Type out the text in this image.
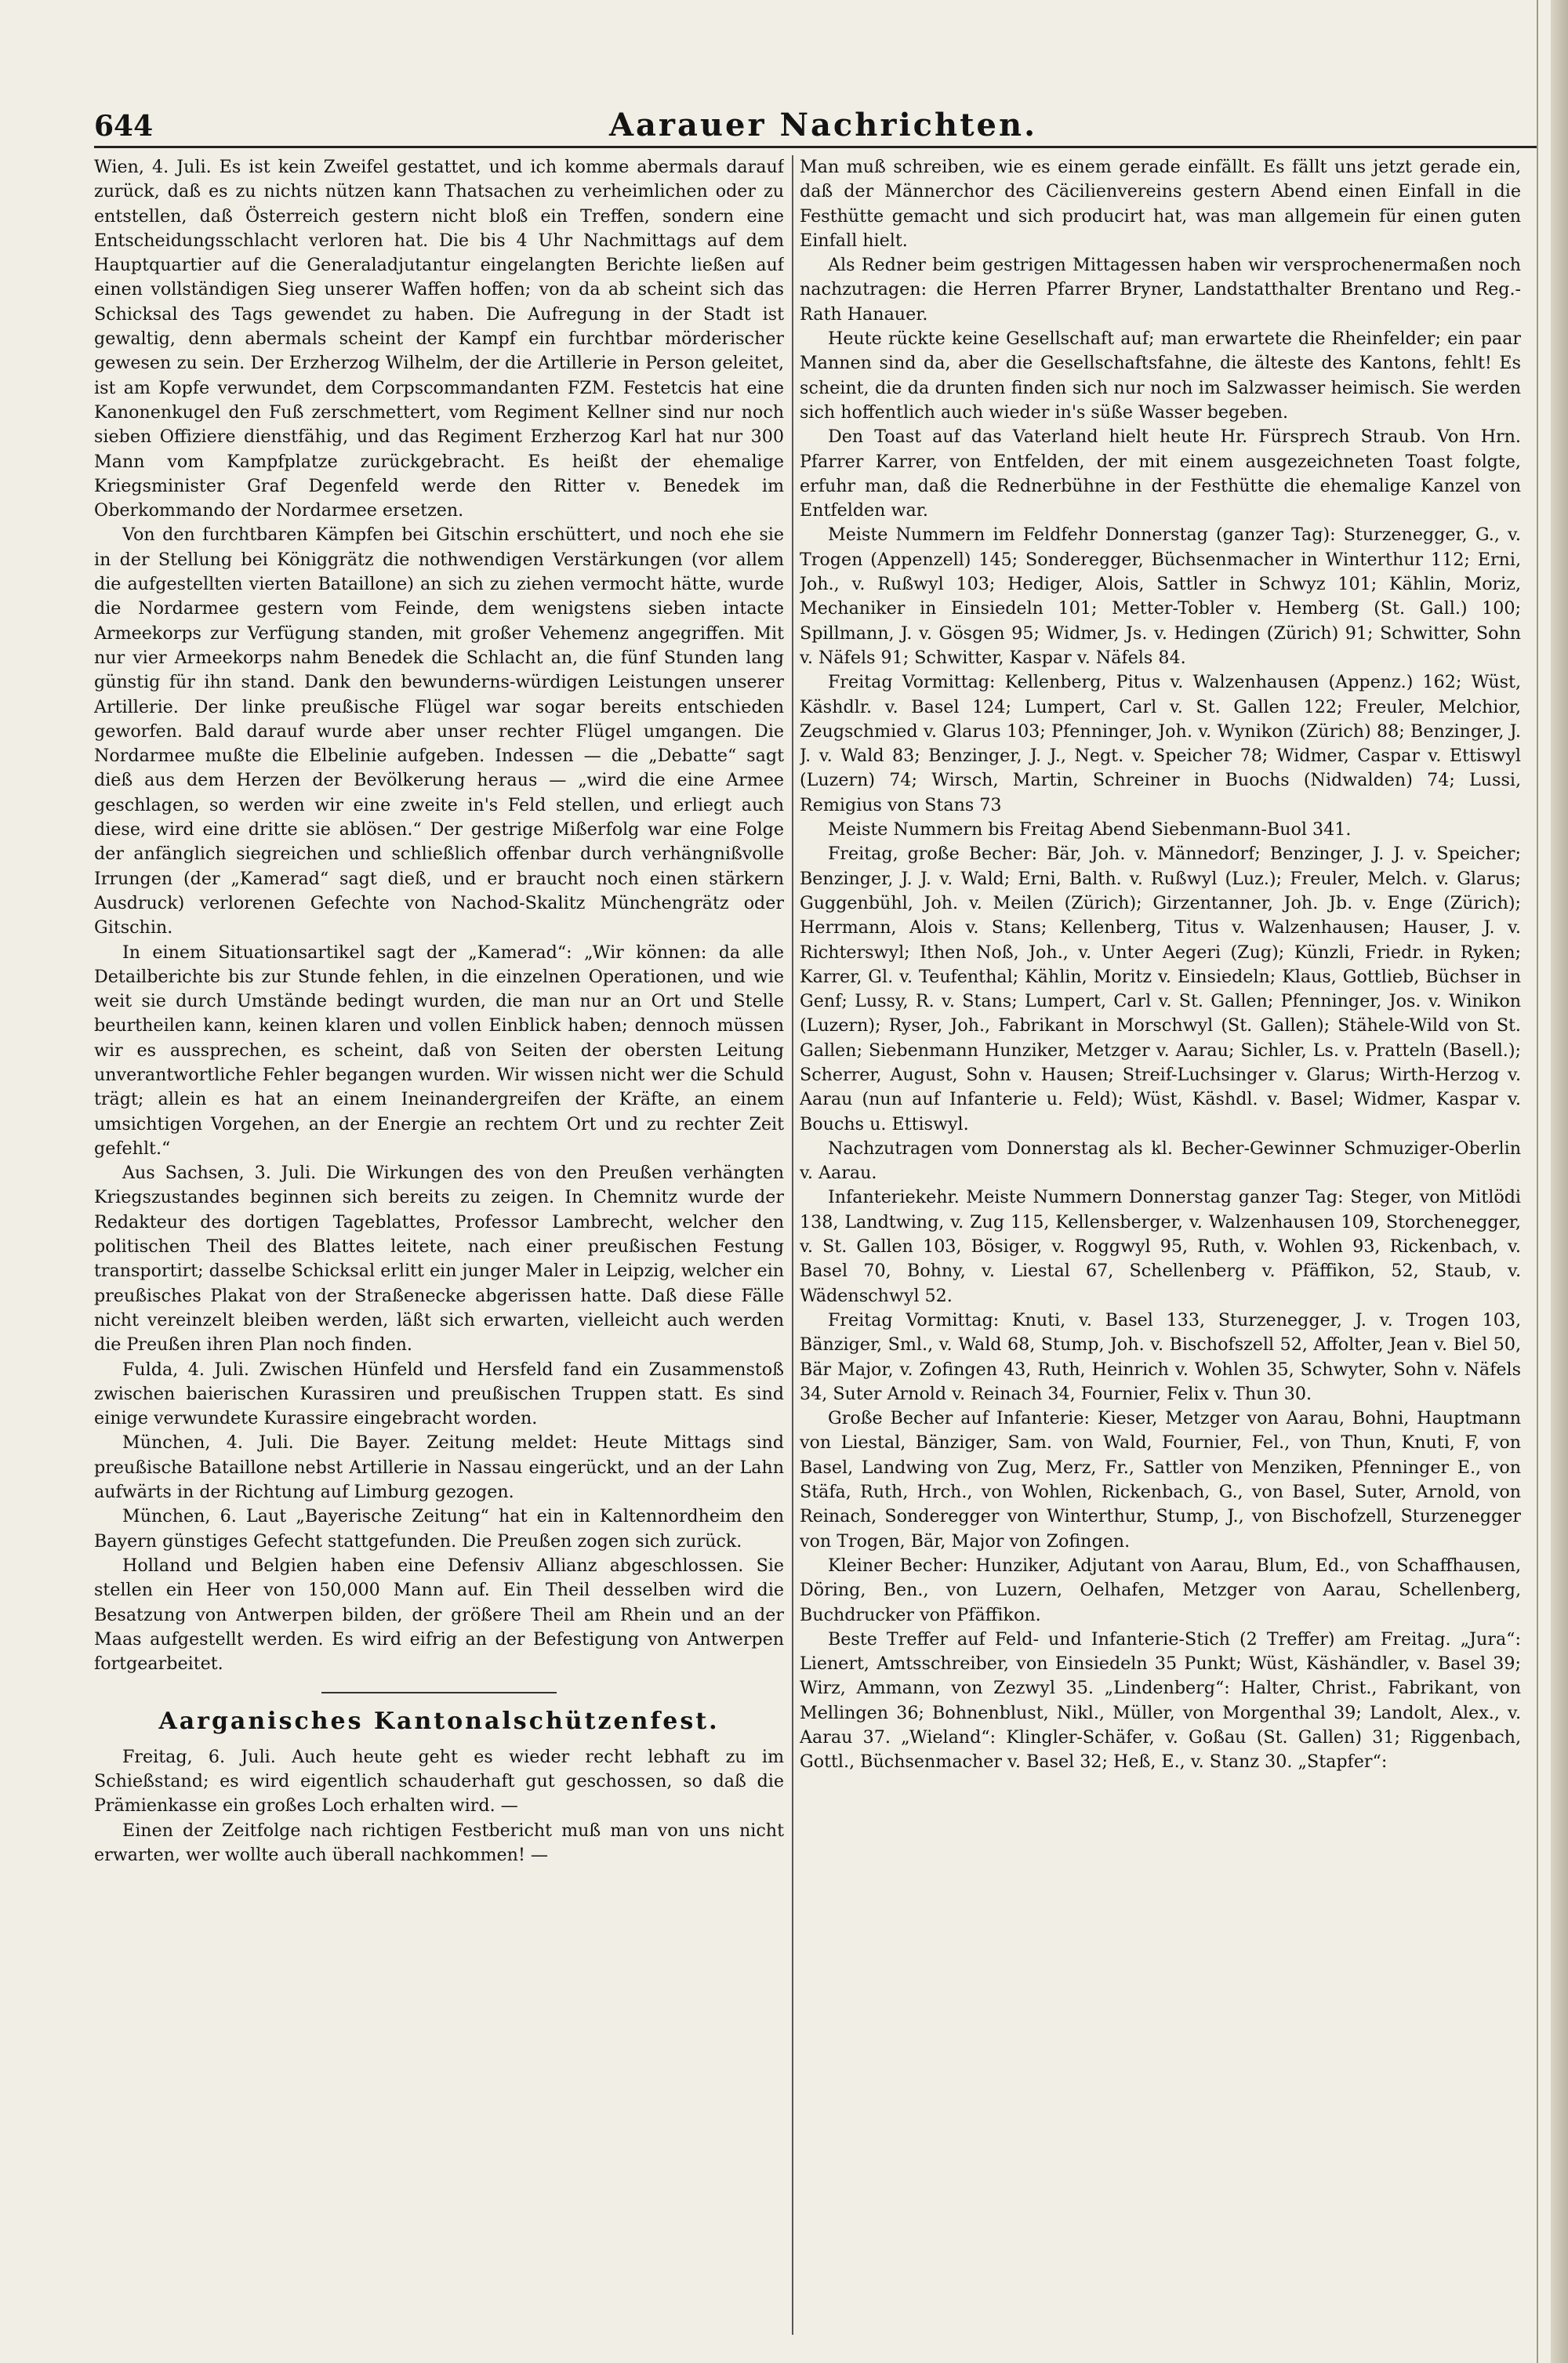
644	Aarauer Nachrichten.

Wien, 4. Juli. Es ist kein Zweifel gestattet, und ich komme abermals darauf zurück, daß es zu nichts nützen kann Thatsachen zu verheimlichen oder zu entstellen, daß Österreich gestern nicht bloß ein Treffen, sondern eine Entscheidungsschlacht verloren hat. Die bis 4 Uhr Nachmittags auf dem Hauptquartier auf die Generaladjutantur eingelangten Berichte ließen auf einen vollständigen Sieg unserer Waffen hoffen; von da ab scheint sich das Schicksal des Tags gewendet zu haben. Die Aufregung in der Stadt ist gewaltig, denn abermals scheint der Kampf ein furchtbar mörderischer gewesen zu sein. Der Erzherzog Wilhelm, der die Artillerie in Person geleitet, ist am Kopfe verwundet, dem Corpscommandanten FZM. Festetcis hat eine Kanonenkugel den Fuß zerschmettert, vom Regiment Kellner sind nur noch sieben Offiziere dienstfähig, und das Regiment Erzherzog Karl hat nur 300 Mann vom Kampfplatze zurückgebracht. Es heißt der ehemalige Kriegsminister Graf Degenfeld werde den Ritter v. Benedek im Oberkommando der Nordarmee ersetzen.

Von den furchtbaren Kämpfen bei Gitschin erschüttert, und noch ehe sie in der Stellung bei Königgrätz die nothwendigen Verstärkungen (vor allem die aufgestellten vierten Bataillone) an sich zu ziehen vermocht hätte, wurde die Nordarmee gestern vom Feinde, dem wenigstens sieben intacte Armeekorps zur Verfügung standen, mit großer Vehemenz angegriffen. Mit nur vier Armeekorps nahm Benedek die Schlacht an, die fünf Stunden lang günstig für ihn stand. Dank den bewunderns-würdigen Leistungen unserer Artillerie. Der linke preußische Flügel war sogar bereits entschieden geworfen. Bald darauf wurde aber unser rechter Flügel umgangen. Die Nordarmee mußte die Elbelinie aufgeben. Indessen — die „Debatte“ sagt dieß aus dem Herzen der Bevölkerung heraus — „wird die eine Armee geschlagen, so werden wir eine zweite in's Feld stellen, und erliegt auch diese, wird eine dritte sie ablösen.“ Der gestrige Mißerfolg war eine Folge der anfänglich siegreichen und schließlich offenbar durch verhängnißvolle Irrungen (der „Kamerad“ sagt dieß, und er braucht noch einen stärkern Ausdruck) verlorenen Gefechte von Nachod-Skalitz Münchengrätz oder Gitschin.

In einem Situationsartikel sagt der „Kamerad“: „Wir können: da alle Detailberichte bis zur Stunde fehlen, in die einzelnen Operationen, und wie weit sie durch Umstände bedingt wurden, die man nur an Ort und Stelle beurtheilen kann, keinen klaren und vollen Einblick haben; dennoch müssen wir es aussprechen, es scheint, daß von Seiten der obersten Leitung unverantwortliche Fehler begangen wurden. Wir wissen nicht wer die Schuld trägt; allein es hat an einem Ineinandergreifen der Kräfte, an einem umsichtigen Vorgehen, an der Energie an rechtem Ort und zu rechter Zeit gefehlt.“

Aus Sachsen, 3. Juli. Die Wirkungen des von den Preußen verhängten Kriegszustandes beginnen sich bereits zu zeigen. In Chemnitz wurde der Redakteur des dortigen Tageblattes, Professor Lambrecht, welcher den politischen Theil des Blattes leitete, nach einer preußischen Festung transportirt; dasselbe Schicksal erlitt ein junger Maler in Leipzig, welcher ein preußisches Plakat von der Straßenecke abgerissen hatte. Daß diese Fälle nicht vereinzelt bleiben werden, läßt sich erwarten, vielleicht auch werden die Preußen ihren Plan noch finden.

Fulda, 4. Juli. Zwischen Hünfeld und Hersfeld fand ein Zusammenstoß zwischen baierischen Kurassiren und preußischen Truppen statt. Es sind einige verwundete Kurassire eingebracht worden.

München, 4. Juli. Die Bayer. Zeitung meldet: Heute Mittags sind preußische Bataillone nebst Artillerie in Nassau eingerückt, und an der Lahn aufwärts in der Richtung auf Limburg gezogen.

München, 6. Laut „Bayerische Zeitung“ hat ein in Kaltennordheim den Bayern günstiges Gefecht stattgefunden. Die Preußen zogen sich zurück.

Holland und Belgien haben eine Defensiv Allianz abgeschlossen. Sie stellen ein Heer von 150,000 Mann auf. Ein Theil desselben wird die Besatzung von Antwerpen bilden, der größere Theil am Rhein und an der Maas aufgestellt werden. Es wird eifrig an der Befestigung von Antwerpen fortgearbeitet.

Aarganisches Kantonalschützenfest.

Freitag, 6. Juli. Auch heute geht es wieder recht lebhaft zu im Schießstand; es wird eigentlich schauderhaft gut geschossen, so daß die Prämienkasse ein großes Loch erhalten wird. —

Einen der Zeitfolge nach richtigen Festbericht muß man von uns nicht erwarten, wer wollte auch überall nachkommen! —

Man muß schreiben, wie es einem gerade einfällt. Es fällt uns jetzt gerade ein, daß der Männerchor des Cäcilienvereins gestern Abend einen Einfall in die Festhütte gemacht und sich producirt hat, was man allgemein für einen guten Einfall hielt.

Als Redner beim gestrigen Mittagessen haben wir versprochenermaßen noch nachzutragen: die Herren Pfarrer Bryner, Landstatthalter Brentano und Reg.-Rath Hanauer.

Heute rückte keine Gesellschaft auf; man erwartete die Rheinfelder; ein paar Mannen sind da, aber die Gesellschaftsfahne, die älteste des Kantons, fehlt! Es scheint, die da drunten finden sich nur noch im Salzwasser heimisch. Sie werden sich hoffentlich auch wieder in's süße Wasser begeben.

Den Toast auf das Vaterland hielt heute Hr. Fürsprech Straub. Von Hrn. Pfarrer Karrer, von Entfelden, der mit einem ausgezeichneten Toast folgte, erfuhr man, daß die Rednerbühne in der Festhütte die ehemalige Kanzel von Entfelden war.

Meiste Nummern im Feldfehr Donnerstag (ganzer Tag): Sturzenegger, G., v. Trogen (Appenzell) 145; Sonderegger, Büchsenmacher in Winterthur 112; Erni, Joh., v. Rußwyl 103; Hediger, Alois, Sattler in Schwyz 101; Kählin, Moriz, Mechaniker in Einsiedeln 101; Metter-Tobler v. Hemberg (St. Gall.) 100; Spillmann, J. v. Gösgen 95; Widmer, Js. v. Hedingen (Zürich) 91; Schwitter, Sohn v. Näfels 91; Schwitter, Kaspar v. Näfels 84.

Freitag Vormittag: Kellenberg, Pitus v. Walzenhausen (Appenz.) 162; Wüst, Käshdlr. v. Basel 124; Lumpert, Carl v. St. Gallen 122; Freuler, Melchior, Zeugschmied v. Glarus 103; Pfenninger, Joh. v. Wynikon (Zürich) 88; Benzinger, J. J. v. Wald 83; Benzinger, J. J., Negt. v. Speicher 78; Widmer, Caspar v. Ettiswyl (Luzern) 74; Wirsch, Martin, Schreiner in Buochs (Nidwalden) 74; Lussi, Remigius von Stans 73

Meiste Nummern bis Freitag Abend Siebenmann-Buol 341.

Freitag, große Becher: Bär, Joh. v. Männedorf; Benzinger, J. J. v. Speicher; Benzinger, J. J. v. Wald; Erni, Balth. v. Rußwyl (Luz.); Freuler, Melch. v. Glarus; Guggenbühl, Joh. v. Meilen (Zürich); Girzentanner, Joh. Jb. v. Enge (Zürich); Herrmann, Alois v. Stans; Kellenberg, Titus v. Walzenhausen; Hauser, J. v. Richterswyl; Ithen Noß, Joh., v. Unter Aegeri (Zug); Künzli, Friedr. in Ryken; Karrer, Gl. v. Teufenthal; Kählin, Moritz v. Einsiedeln; Klaus, Gottlieb, Büchser in Genf; Lussy, R. v. Stans; Lumpert, Carl v. St. Gallen; Pfenninger, Jos. v. Winikon (Luzern); Ryser, Joh., Fabrikant in Morschwyl (St. Gallen); Stähele-Wild von St. Gallen; Siebenmann Hunziker, Metzger v. Aarau; Sichler, Ls. v. Pratteln (Basell.); Scherrer, August, Sohn v. Hausen; Streif-Luchsinger v. Glarus; Wirth-Herzog v. Aarau (nun auf Infanterie u. Feld); Wüst, Käshdl. v. Basel; Widmer, Kaspar v. Bouchs u. Ettiswyl.

Nachzutragen vom Donnerstag als kl. Becher-Gewinner Schmuziger-Oberlin v. Aarau.

Infanteriekehr. Meiste Nummern Donnerstag ganzer Tag: Steger, von Mitlödi 138, Landtwing, v. Zug 115, Kellensberger, v. Walzenhausen 109, Storchenegger, v. St. Gallen 103, Bösiger, v. Roggwyl 95, Ruth, v. Wohlen 93, Rickenbach, v. Basel 70, Bohny, v. Liestal 67, Schellenberg v. Pfäffikon, 52, Staub, v. Wädenschwyl 52.

Freitag Vormittag: Knuti, v. Basel 133, Sturzenegger, J. v. Trogen 103, Bänziger, Sml., v. Wald 68, Stump, Joh. v. Bischofszell 52, Affolter, Jean v. Biel 50, Bär Major, v. Zofingen 43, Ruth, Heinrich v. Wohlen 35, Schwyter, Sohn v. Näfels 34, Suter Arnold v. Reinach 34, Fournier, Felix v. Thun 30.

Große Becher auf Infanterie: Kieser, Metzger von Aarau, Bohni, Hauptmann von Liestal, Bänziger, Sam. von Wald, Fournier, Fel., von Thun, Knuti, F, von Basel, Landwing von Zug, Merz, Fr., Sattler von Menziken, Pfenninger E., von Stäfa, Ruth, Hrch., von Wohlen, Rickenbach, G., von Basel, Suter, Arnold, von Reinach, Sonderegger von Winterthur, Stump, J., von Bischofzell, Sturzenegger von Trogen, Bär, Major von Zofingen.

Kleiner Becher: Hunziker, Adjutant von Aarau, Blum, Ed., von Schaffhausen, Döring, Ben., von Luzern, Oelhafen, Metzger von Aarau, Schellenberg, Buchdrucker von Pfäffikon.

Beste Treffer auf Feld- und Infanterie-Stich (2 Treffer) am Freitag. „Jura“: Lienert, Amtsschreiber, von Einsiedeln 35 Punkt; Wüst, Käshändler, v. Basel 39; Wirz, Ammann, von Zezwyl 35. „Lindenberg“: Halter, Christ., Fabrikant, von Mellingen 36; Bohnenblust, Nikl., Müller, von Morgenthal 39; Landolt, Alex., v. Aarau 37. „Wieland“: Klingler-Schäfer, v. Goßau (St. Gallen) 31; Riggenbach, Gottl., Büchsenmacher v. Basel 32; Heß, E., v. Stanz 30. „Stapfer“:
